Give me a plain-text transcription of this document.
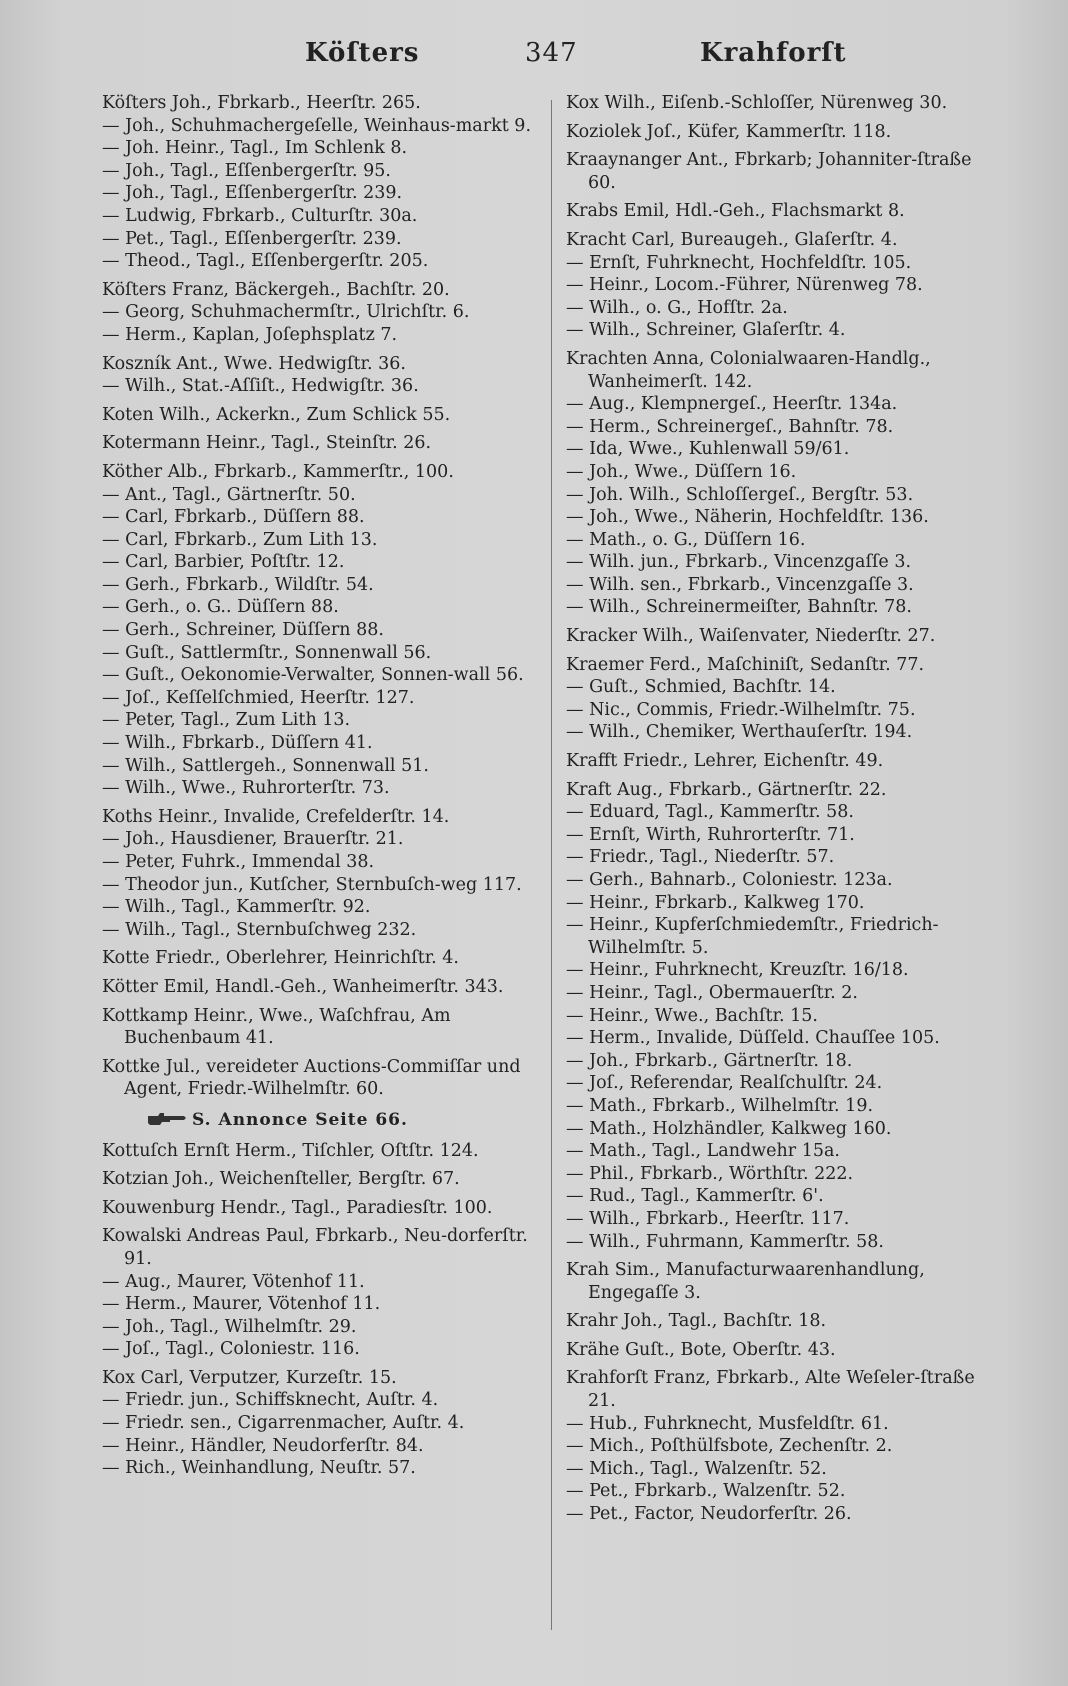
Köſters	347	Krahforſt

Köſters Joh., Fbrkarb., Heerſtr. 265.

— Joh., Schuhmachergeſelle, Weinhaus-markt 9.

— Joh. Heinr., Tagl., Im Schlenk 8.

— Joh., Tagl., Eſſenbergerſtr. 95.

— Joh., Tagl., Eſſenbergerſtr. 239.

— Ludwig, Fbrkarb., Culturſtr. 30a.

— Pet., Tagl., Eſſenbergerſtr. 239.

— Theod., Tagl., Eſſenbergerſtr. 205.

Köſters Franz, Bäckergeh., Bachſtr. 20.

— Georg, Schuhmachermſtr., Ulrichſtr. 6.

— Herm., Kaplan, Joſephsplatz 7.

Koszník Ant., Wwe. Hedwigſtr. 36.

— Wilh., Stat.-Aſſiſt., Hedwigſtr. 36.

Koten Wilh., Ackerkn., Zum Schlick 55.

Kotermann Heinr., Tagl., Steinſtr. 26.

Köther Alb., Fbrkarb., Kammerſtr., 100.

— Ant., Tagl., Gärtnerſtr. 50.

— Carl, Fbrkarb., Düſſern 88.

— Carl, Fbrkarb., Zum Lith 13.

— Carl, Barbier, Poſtſtr. 12.

— Gerh., Fbrkarb., Wildſtr. 54.

— Gerh., o. G.. Düſſern 88.

— Gerh., Schreiner, Düſſern 88.

— Guſt., Sattlermſtr., Sonnenwall 56.

— Guſt., Oekonomie-Verwalter, Sonnen-wall 56.

— Joſ., Keſſelſchmied, Heerſtr. 127.

— Peter, Tagl., Zum Lith 13.

— Wilh., Fbrkarb., Düſſern 41.

— Wilh., Sattlergeh., Sonnenwall 51.

— Wilh., Wwe., Ruhrorterſtr. 73.

Koths Heinr., Invalide, Crefelderſtr. 14.

— Joh., Hausdiener, Brauerſtr. 21.

— Peter, Fuhrk., Immendal 38.

— Theodor jun., Kutſcher, Sternbuſch-weg 117.

— Wilh., Tagl., Kammerſtr. 92.

— Wilh., Tagl., Sternbuſchweg 232.

Kotte Friedr., Oberlehrer, Heinrichſtr. 4.

Kötter Emil, Handl.-Geh., Wanheimerſtr. 343.

Kottkamp Heinr., Wwe., Waſchfrau, Am Buchenbaum 41.

Kottke Jul., vereideter Auctions-Commiſſar und Agent, Friedr.-Wilhelmſtr. 60.

S. Annonce Seite 66.

Kottuſch Ernſt Herm., Tiſchler, Oſtſtr. 124.

Kotzian Joh., Weichenſteller, Bergſtr. 67.

Kouwenburg Hendr., Tagl., Paradiesſtr. 100.

Kowalski Andreas Paul, Fbrkarb., Neu-dorferſtr. 91.

— Aug., Maurer, Vötenhof 11.

— Herm., Maurer, Vötenhof 11.

— Joh., Tagl., Wilhelmſtr. 29.

— Joſ., Tagl., Coloniestr. 116.

Kox Carl, Verputzer, Kurzeſtr. 15.

— Friedr. jun., Schiffsknecht, Auſtr. 4.

— Friedr. sen., Cigarrenmacher, Auſtr. 4.

— Heinr., Händler, Neudorferſtr. 84.

— Rich., Weinhandlung, Neuſtr. 57.

Kox Wilh., Eiſenb.-Schloſſer, Nürenweg 30.

Koziolek Joſ., Küfer, Kammerſtr. 118.

Kraaynanger Ant., Fbrkarb; Johanniter-ſtraße 60.

Krabs Emil, Hdl.-Geh., Flachsmarkt 8.

Kracht Carl, Bureaugeh., Glaſerſtr. 4.

— Ernſt, Fuhrknecht, Hochfeldſtr. 105.

— Heinr., Locom.-Führer, Nürenweg 78.

— Wilh., o. G., Hofſtr. 2a.

— Wilh., Schreiner, Glaſerſtr. 4.

Krachten Anna, Colonialwaaren-Handlg., Wanheimerſt. 142.

— Aug., Klempnergeſ., Heerſtr. 134a.

— Herm., Schreinergeſ., Bahnſtr. 78.

— Ida, Wwe., Kuhlenwall 59/61.

— Joh., Wwe., Düſſern 16.

— Joh. Wilh., Schloſſergeſ., Bergſtr. 53.

— Joh., Wwe., Näherin, Hochfeldſtr. 136.

— Math., o. G., Düſſern 16.

— Wilh. jun., Fbrkarb., Vincenzgaſſe 3.

— Wilh. sen., Fbrkarb., Vincenzgaſſe 3.

— Wilh., Schreinermeiſter, Bahnſtr. 78.

Kracker Wilh., Waiſenvater, Niederſtr. 27.

Kraemer Ferd., Maſchiniſt, Sedanſtr. 77.

— Guſt., Schmied, Bachſtr. 14.

— Nic., Commis, Friedr.-Wilhelmſtr. 75.

— Wilh., Chemiker, Werthauſerſtr. 194.

Krafft Friedr., Lehrer, Eichenſtr. 49.

Kraft Aug., Fbrkarb., Gärtnerſtr. 22.

— Eduard, Tagl., Kammerſtr. 58.

— Ernſt, Wirth, Ruhrorterſtr. 71.

— Friedr., Tagl., Niederſtr. 57.

— Gerh., Bahnarb., Coloniestr. 123a.

— Heinr., Fbrkarb., Kalkweg 170.

— Heinr., Kupferſchmiedemſtr., Friedrich-Wilhelmſtr. 5.

— Heinr., Fuhrknecht, Kreuzſtr. 16/18.

— Heinr., Tagl., Obermauerſtr. 2.

— Heinr., Wwe., Bachſtr. 15.

— Herm., Invalide, Düſſeld. Chauſſee 105.

— Joh., Fbrkarb., Gärtnerſtr. 18.

— Joſ., Referendar, Realſchulſtr. 24.

— Math., Fbrkarb., Wilhelmſtr. 19.

— Math., Holzhändler, Kalkweg 160.

— Math., Tagl., Landwehr 15a.

— Phil., Fbrkarb., Wörthſtr. 222.

— Rud., Tagl., Kammerſtr. 6'.

— Wilh., Fbrkarb., Heerſtr. 117.

— Wilh., Fuhrmann, Kammerſtr. 58.

Krah Sim., Manufacturwaarenhandlung, Engegaſſe 3.

Krahr Joh., Tagl., Bachſtr. 18.

Krähe Guſt., Bote, Oberſtr. 43.

Krahforſt Franz, Fbrkarb., Alte Weſeler-ſtraße 21.

— Hub., Fuhrknecht, Musfeldſtr. 61.

— Mich., Poſthülfsbote, Zechenſtr. 2.

— Mich., Tagl., Walzenſtr. 52.

— Pet., Fbrkarb., Walzenſtr. 52.

— Pet., Factor, Neudorferſtr. 26.
